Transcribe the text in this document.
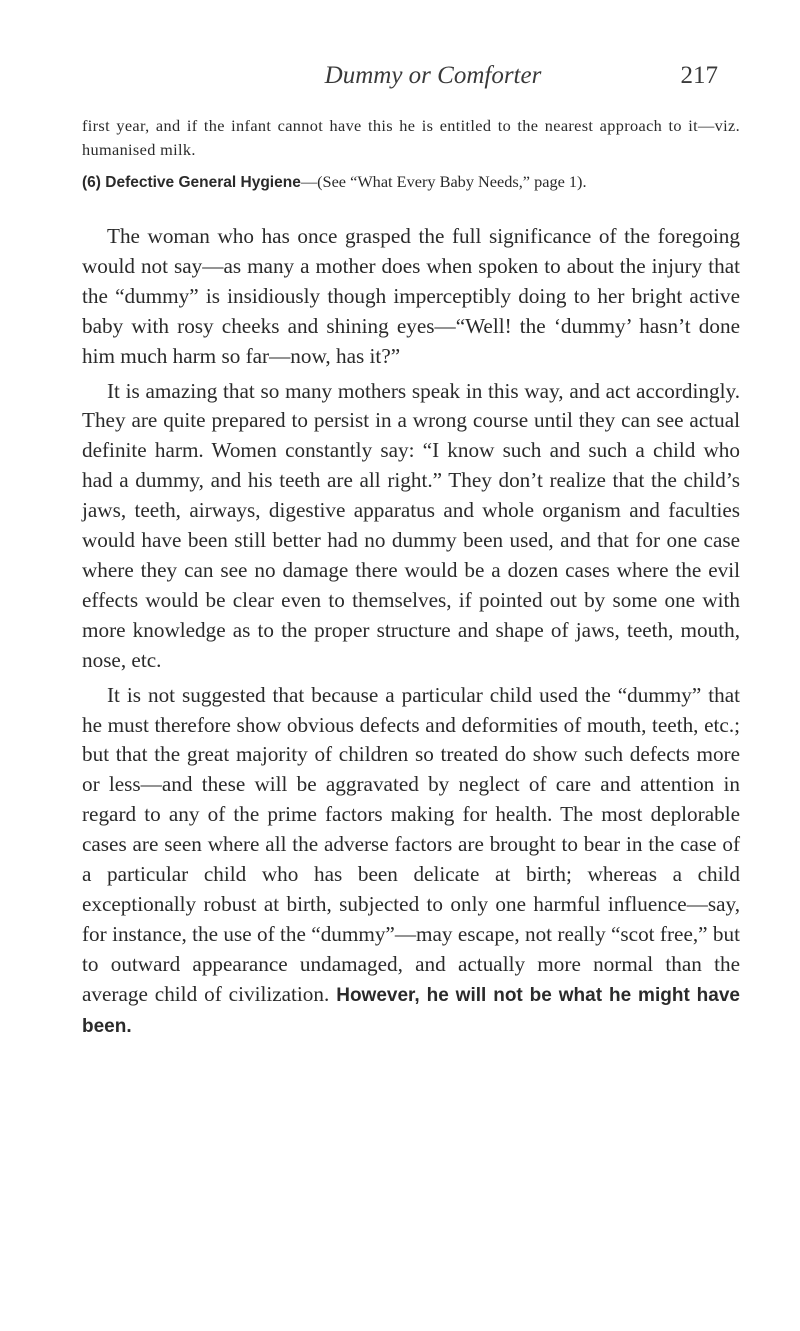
Dummy or Comforter	217

first year, and if the infant cannot have this he is entitled to the nearest approach to it—viz. humanised milk.

(6) Defective General Hygiene—(See “What Every Baby Needs,” page 1).

The woman who has once grasped the full significance of the foregoing would not say—as many a mother does when spoken to about the injury that the “dummy” is insidiously though imperceptibly doing to her bright active baby with rosy cheeks and shining eyes—“Well! the ‘dummy’ hasn’t done him much harm so far—now, has it?”

It is amazing that so many mothers speak in this way, and act accordingly. They are quite prepared to persist in a wrong course until they can see actual definite harm. Women constantly say: “I know such and such a child who had a dummy, and his teeth are all right.” They don’t realize that the child’s jaws, teeth, airways, digestive apparatus and whole organism and faculties would have been still better had no dummy been used, and that for one case where they can see no damage there would be a dozen cases where the evil effects would be clear even to themselves, if pointed out by some one with more knowledge as to the proper structure and shape of jaws, teeth, mouth, nose, etc.

It is not suggested that because a particular child used the “dummy” that he must therefore show obvious defects and deformities of mouth, teeth, etc.; but that the great majority of children so treated do show such defects more or less—and these will be aggravated by neglect of care and attention in regard to any of the prime factors making for health. The most deplorable cases are seen where all the adverse factors are brought to bear in the case of a particular child who has been delicate at birth; whereas a child exceptionally robust at birth, subjected to only one harmful influence—say, for instance, the use of the “dummy”—may escape, not really “scot free,” but to outward appearance undamaged, and actually more normal than the average child of civilization. However, he will not be what he might have been.
